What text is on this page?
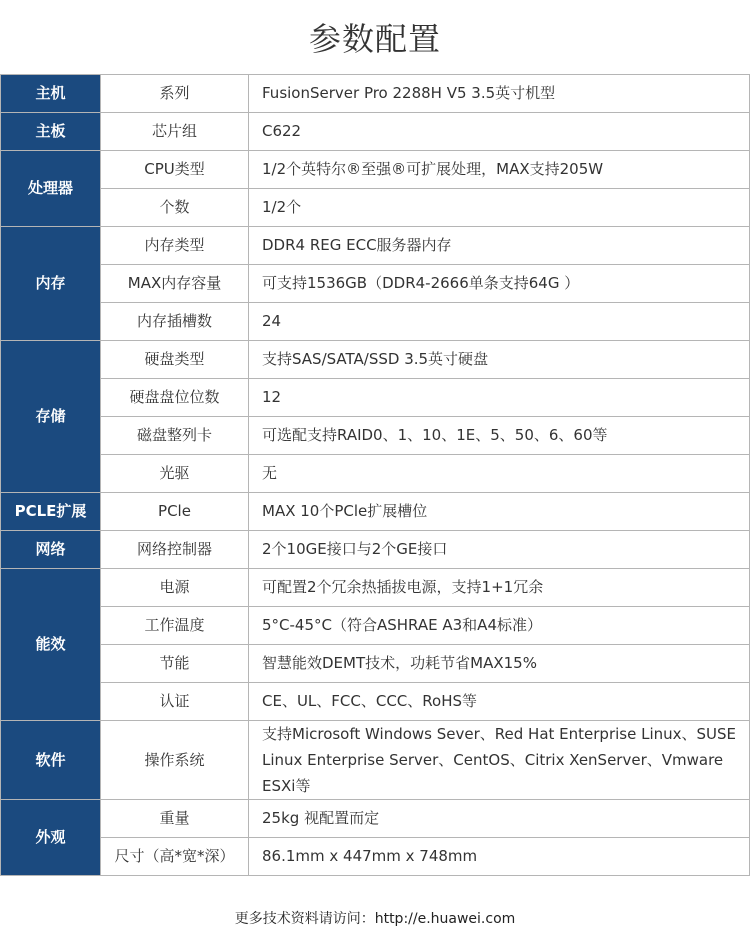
参数配置
主机	系列	FusionServer Pro 2288H V5 3.5英寸机型
主板	芯片组	C622
处理器	CPU类型	1/2个英特尔®至强®可扩展处理，MAX支持205W
	个数	1/2个
内存	内存类型	DDR4 REG ECC服务器内存
	MAX内存容量	可支持1536GB（DDR4-2666单条支持64G ）
	内存插槽数	24
存储	硬盘类型	支持SAS/SATA/SSD 3.5英寸硬盘
	硬盘盘位位数	12
	磁盘整列卡	可选配支持RAID0、1、10、1E、5、50、6、60等
	光驱	无
PCLE扩展	PCle	MAX 10个PCle扩展槽位
网络	网络控制器	2个10GE接口与2个GE接口
能效	电源	可配置2个冗余热插拔电源，支持1+1冗余
	工作温度	5°C-45°C（符合ASHRAE A3和A4标准）
	节能	智慧能效DEMT技术，功耗节省MAX15%
	认证	CE、UL、FCC、CCC、RoHS等
软件	操作系统	支持Microsoft Windows Sever、Red Hat Enterprise Linux、SUSE
Linux Enterprise Server、CentOS、Citrix XenServer、Vmware ESXi等
外观	重量	25kg 视配置而定
	尺寸（高*宽*深）	86.1mm x 447mm x 748mm
更多技术资料请访问：http://e.huawei.com
